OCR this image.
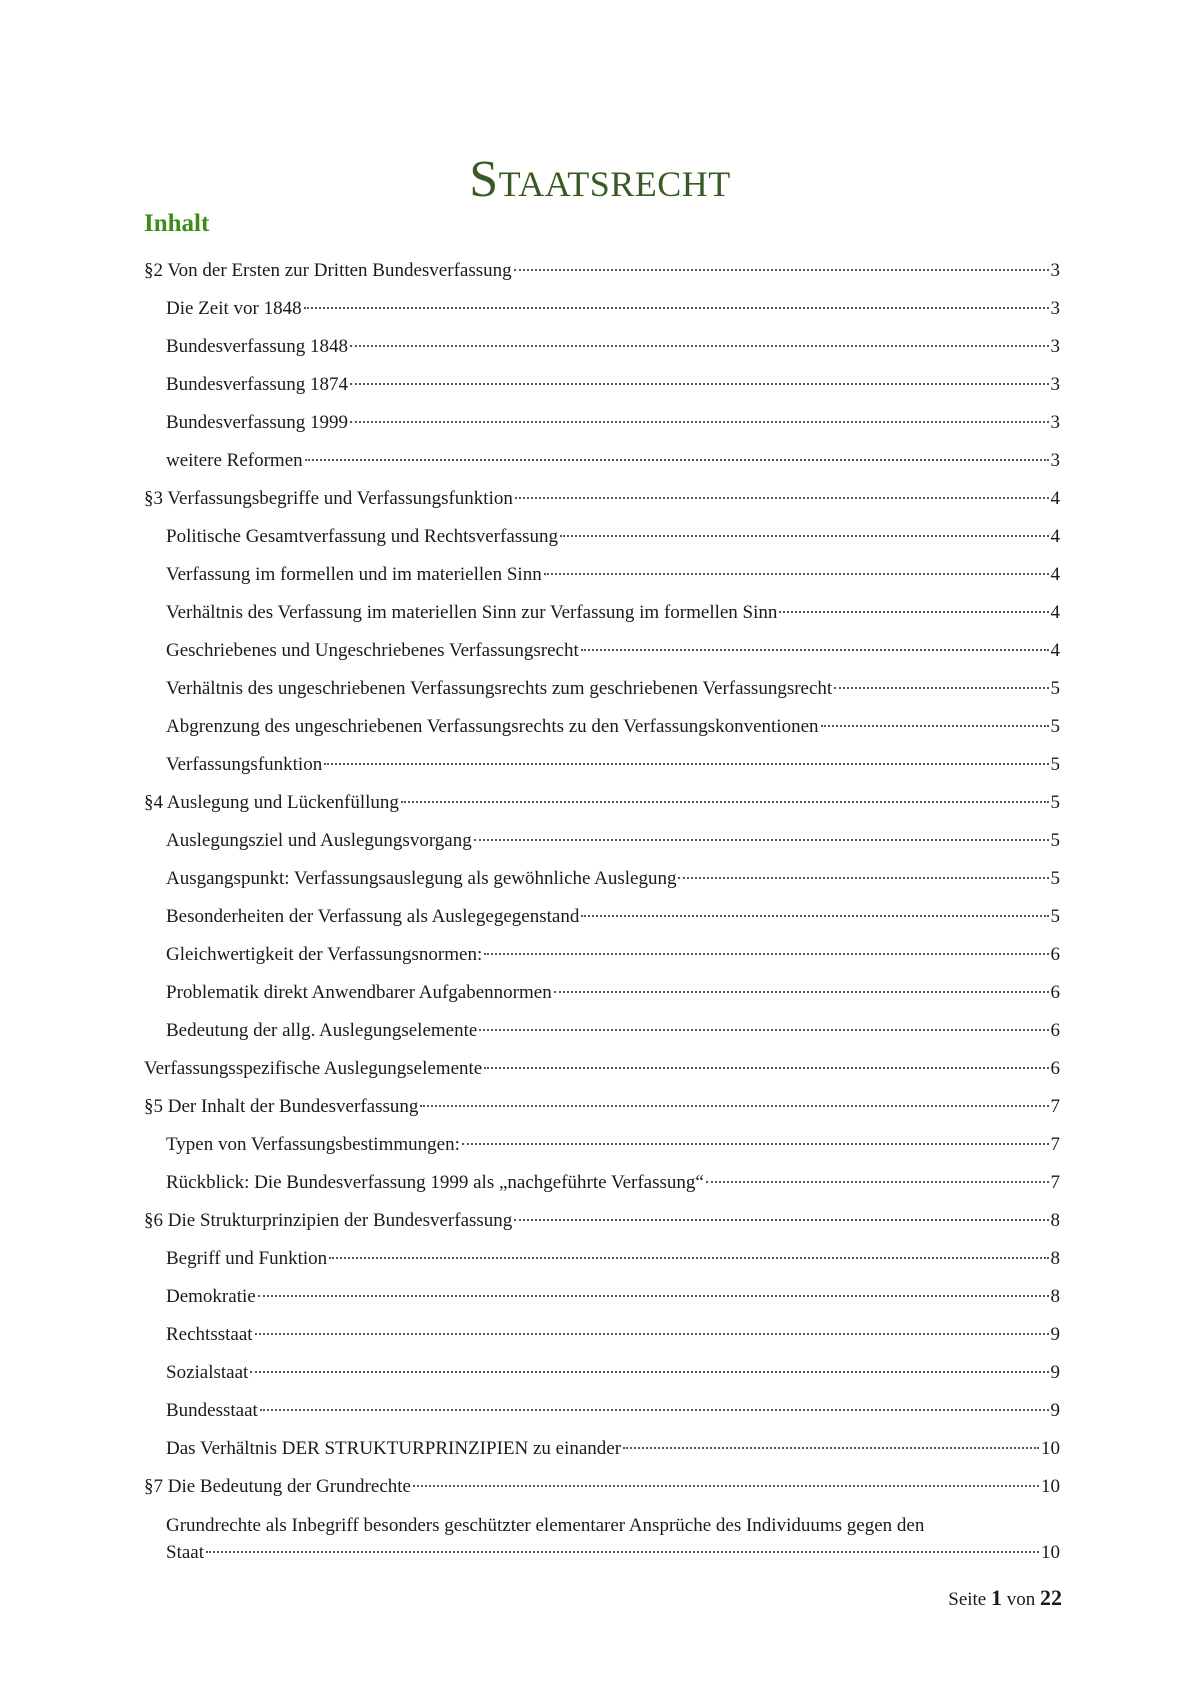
Staatsrecht
Inhalt
§2 Von der Ersten zur Dritten Bundesverfassung	3
Die Zeit vor 1848	3
Bundesverfassung 1848	3
Bundesverfassung 1874	3
Bundesverfassung 1999	3
weitere Reformen	3
§3 Verfassungsbegriffe und Verfassungsfunktion	4
Politische Gesamtverfassung und Rechtsverfassung	4
Verfassung im formellen und im materiellen Sinn	4
Verhältnis des Verfassung im materiellen Sinn zur Verfassung im formellen Sinn	4
Geschriebenes und Ungeschriebenes Verfassungsrecht	4
Verhältnis des ungeschriebenen Verfassungsrechts zum geschriebenen Verfassungsrecht	5
Abgrenzung des ungeschriebenen Verfassungsrechts zu den Verfassungskonventionen	5
Verfassungsfunktion	5
§4 Auslegung und Lückenfüllung	5
Auslegungsziel und Auslegungsvorgang	5
Ausgangspunkt: Verfassungsauslegung als gewöhnliche Auslegung	5
Besonderheiten der Verfassung als Auslegegegenstand	5
Gleichwertigkeit der Verfassungsnormen:	6
Problematik direkt Anwendbarer Aufgabennormen	6
Bedeutung der allg. Auslegungselemente	6
Verfassungsspezifische Auslegungselemente	6
§5 Der Inhalt der Bundesverfassung	7
Typen von Verfassungsbestimmungen:	7
Rückblick: Die Bundesverfassung 1999 als „nachgeführte Verfassung“	7
§6 Die Strukturprinzipien der Bundesverfassung	8
Begriff und Funktion	8
Demokratie	8
Rechtsstaat	9
Sozialstaat	9
Bundesstaat	9
Das Verhältnis DER STRUKTURPRINZIPIEN zu einander	10
§7 Die Bedeutung der Grundrechte	10
Grundrechte als Inbegriff besonders geschützter elementarer Ansprüche des Individuums gegen den
Staat	10
Seite 1 von 22
